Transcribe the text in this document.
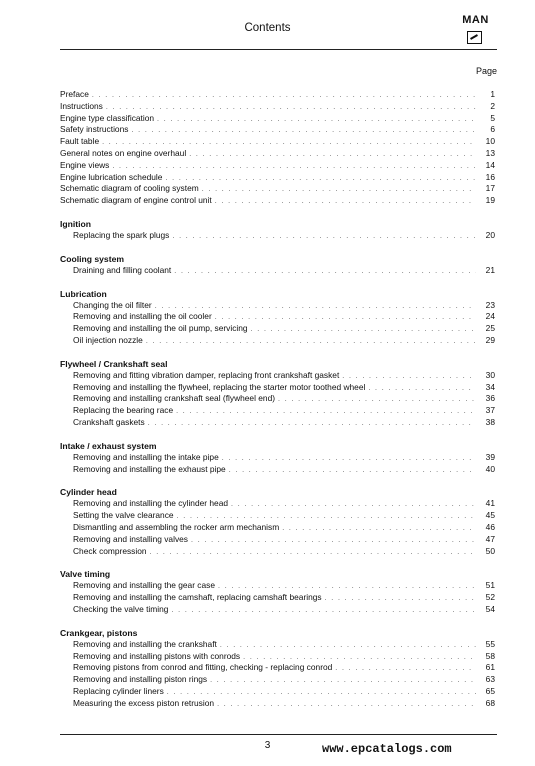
Contents
MAN
Page
Preface . . .	1
Instructions . . .	2
Engine type classification . . .	5
Safety instructions . . .	6
Fault table . . .	10
General notes on engine overhaul . . .	13
Engine views . . .	14
Engine lubrication schedule . . .	16
Schematic diagram of cooling system . . .	17
Schematic diagram of engine control unit . . .	19
Ignition
Replacing the spark plugs . . .	20
Cooling system
Draining and filling coolant . . .	21
Lubrication
Changing the oil filter . . .	23
Removing and installing the oil cooler . . .	24
Removing and installing the oil pump, servicing . . .	25
Oil injection nozzle . . .	29
Flywheel / Crankshaft seal
Removing and fitting vibration damper, replacing front crankshaft gasket . . .	30
Removing and installing the flywheel, replacing the starter motor toothed wheel . . .	34
Removing and installing crankshaft seal (flywheel end) . . .	36
Replacing the bearing race . . .	37
Crankshaft gaskets . . .	38
Intake / exhaust system
Removing and installing the intake pipe . . .	39
Removing and installing the exhaust pipe . . .	40
Cylinder head
Removing and installing the cylinder head . . .	41
Setting the valve clearance . . .	45
Dismantling and assembling the rocker arm mechanism . . .	46
Removing and installing valves . . .	47
Check compression . . .	50
Valve timing
Removing and installing the gear case . . .	51
Removing and installing the camshaft, replacing camshaft bearings . . .	52
Checking the valve timing . . .	54
Crankgear, pistons
Removing and installing the crankshaft . . .	55
Removing and installing pistons with conrods . . .	58
Removing pistons from conrod and fitting, checking - replacing conrod . . .	61
Removing and installing piston rings . . .	63
Replacing cylinder liners . . .	65
Measuring the excess piston retrusion . . .	68
3	www.epcatalogs.com
